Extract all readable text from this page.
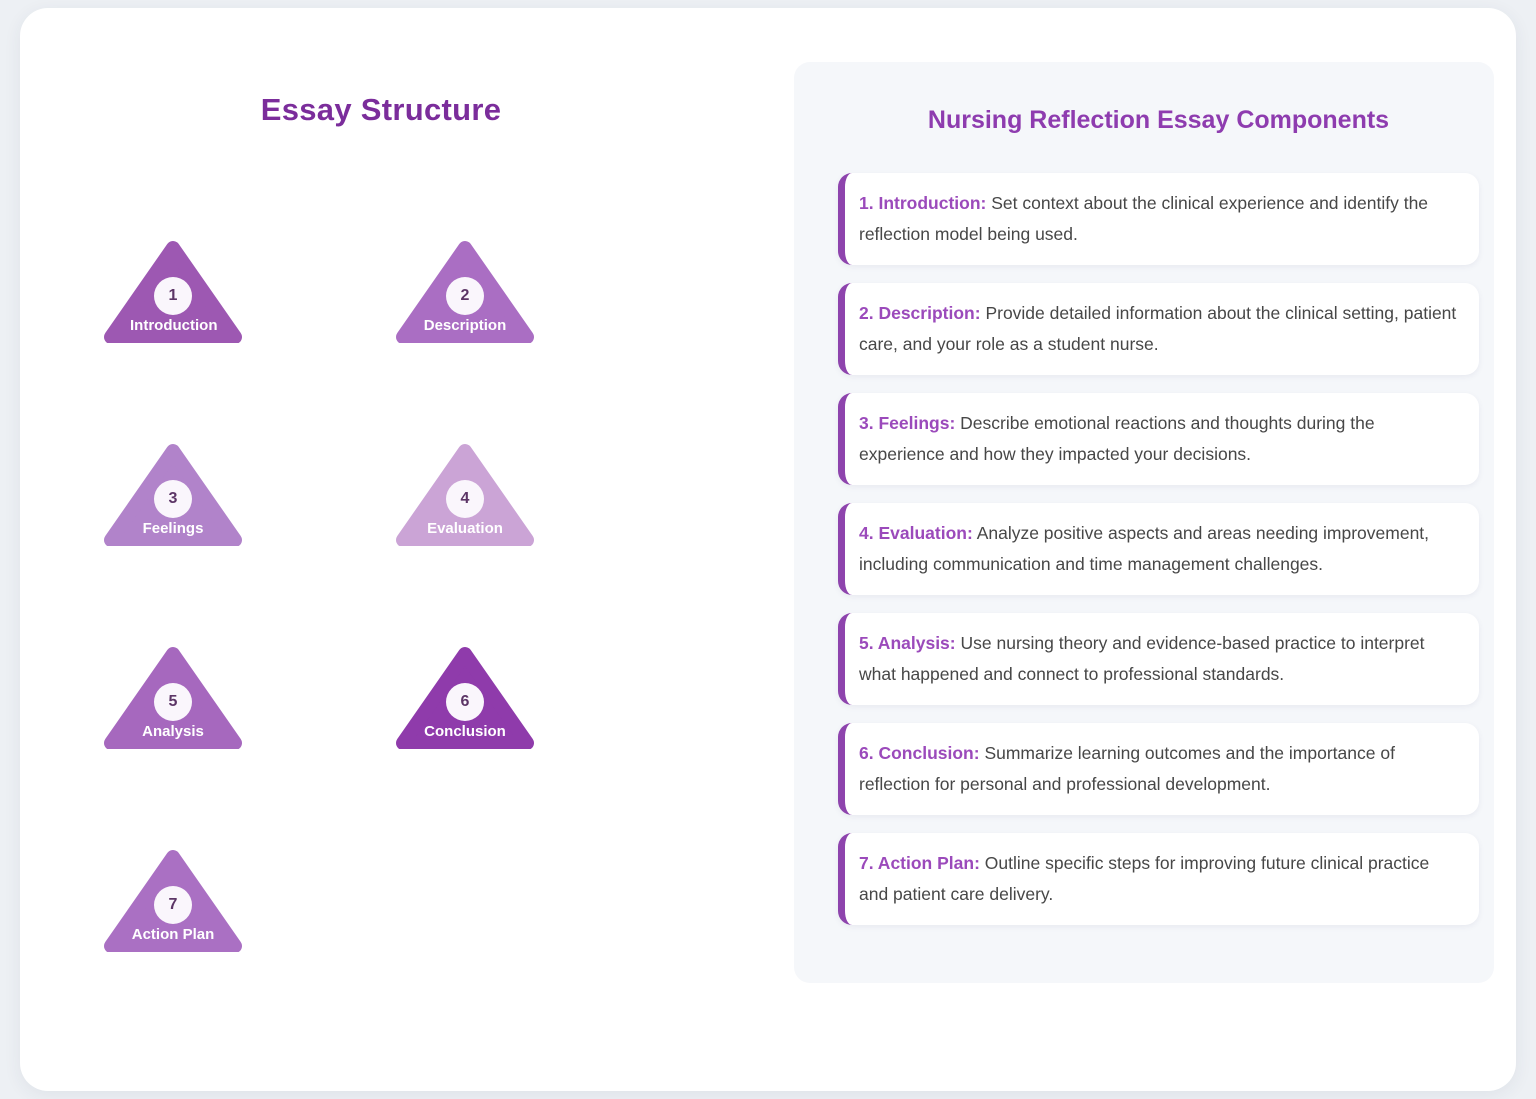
Essay Structure
1
Introduction
2
Description
3
Feelings
4
Evaluation
5
Analysis
6
Conclusion
7
Action Plan
Nursing Reflection Essay Components
1. Introduction: Set context about the clinical experience and identify the reflection model being used.
2. Description: Provide detailed information about the clinical setting, patient care, and your role as a student nurse.
3. Feelings: Describe emotional reactions and thoughts during the experience and how they impacted your decisions.
4. Evaluation: Analyze positive aspects and areas needing improvement, including communication and time management challenges.
5. Analysis: Use nursing theory and evidence-based practice to interpret what happened and connect to professional standards.
6. Conclusion: Summarize learning outcomes and the importance of reflection for personal and professional development.
7. Action Plan: Outline specific steps for improving future clinical practice and patient care delivery.
